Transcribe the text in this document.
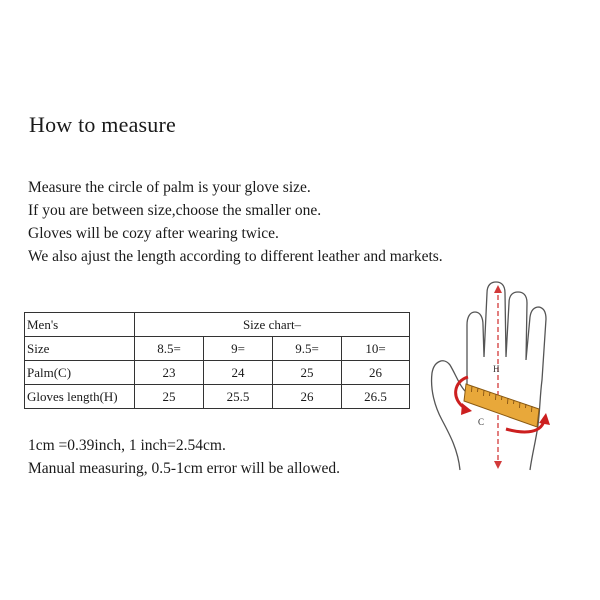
How to measure
Measure the circle of palm is your glove size.
If you are between size,choose the smaller one.
Gloves will be cozy after wearing twice.
We also ajust the length according to different leather and markets.
Men's	Size chart‒			
Size	8.5=	9=	9.5=	10=
Palm(C)	23	24	25	26
Gloves length(H)	25	25.5	26	26.5
1cm =0.39inch, 1 inch=2.54cm.
Manual measuring, 0.5-1cm error will be allowed.
H
C
